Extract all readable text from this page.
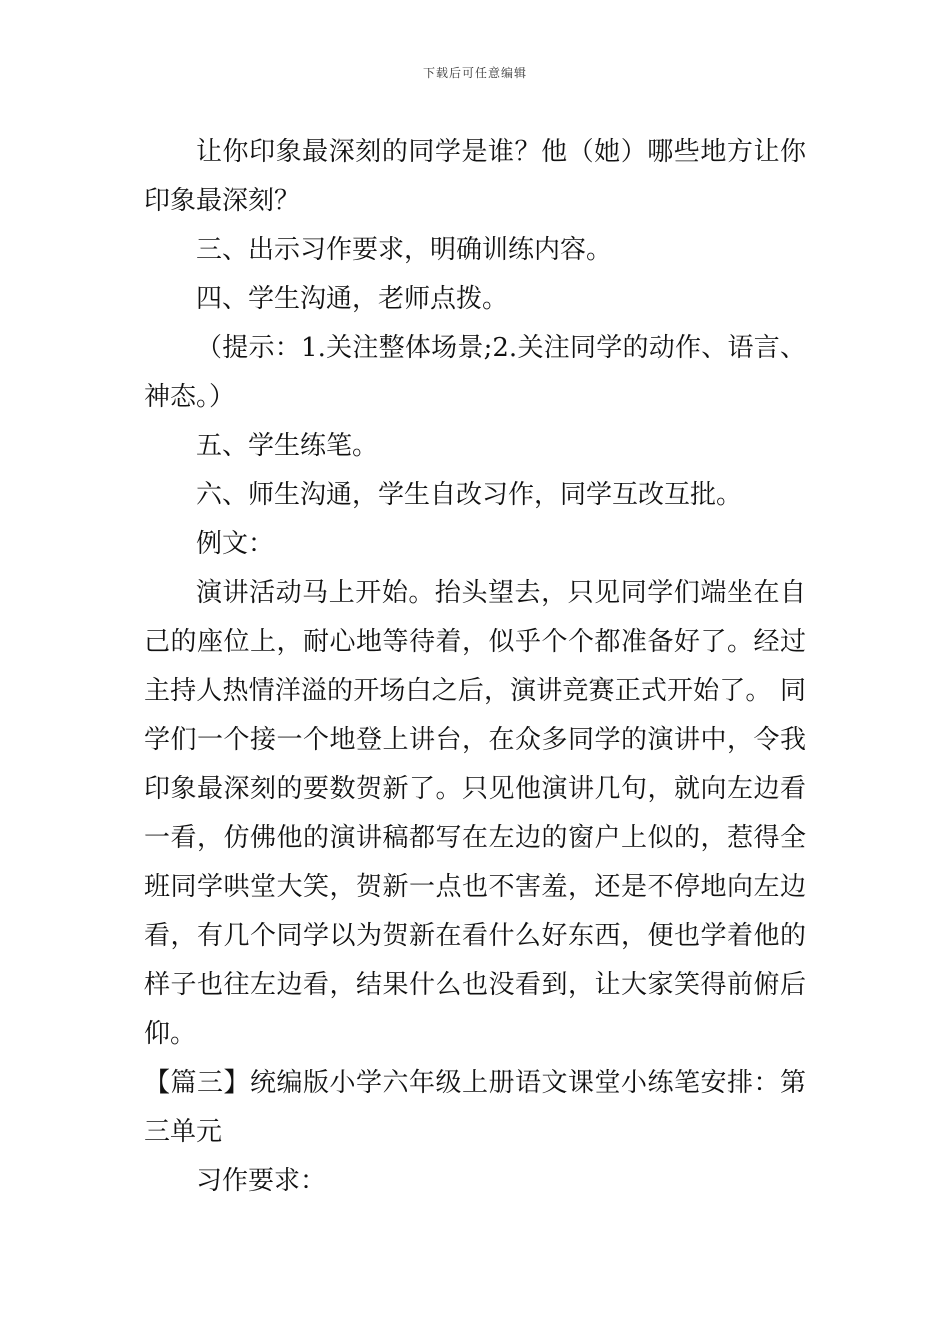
下载后可任意编辑

让你印象最深刻的同学是谁？他（她）哪些地方让你印象最深刻？

三、出示习作要求，明确训练内容。

四、学生沟通，老师点拨。

（提示：1.关注整体场景;2.关注同学的动作、语言、神态。）

五、学生练笔。

六、师生沟通，学生自改习作，同学互改互批。

例文：

演讲活动马上开始。抬头望去，只见同学们端坐在自己的座位上，耐心地等待着，似乎个个都准备好了。经过主持人热情洋溢的开场白之后，演讲竞赛正式开始了。 同学们一个接一个地登上讲台，在众多同学的演讲中，令我印象最深刻的要数贺新了。只见他演讲几句，就向左边看一看，仿佛他的演讲稿都写在左边的窗户上似的，惹得全班同学哄堂大笑，贺新一点也不害羞，还是不停地向左边看，有几个同学以为贺新在看什么好东西，便也学着他的样子也往左边看，结果什么也没看到，让大家笑得前俯后仰。

【篇三】统编版小学六年级上册语文课堂小练笔安排：第三单元

习作要求：
